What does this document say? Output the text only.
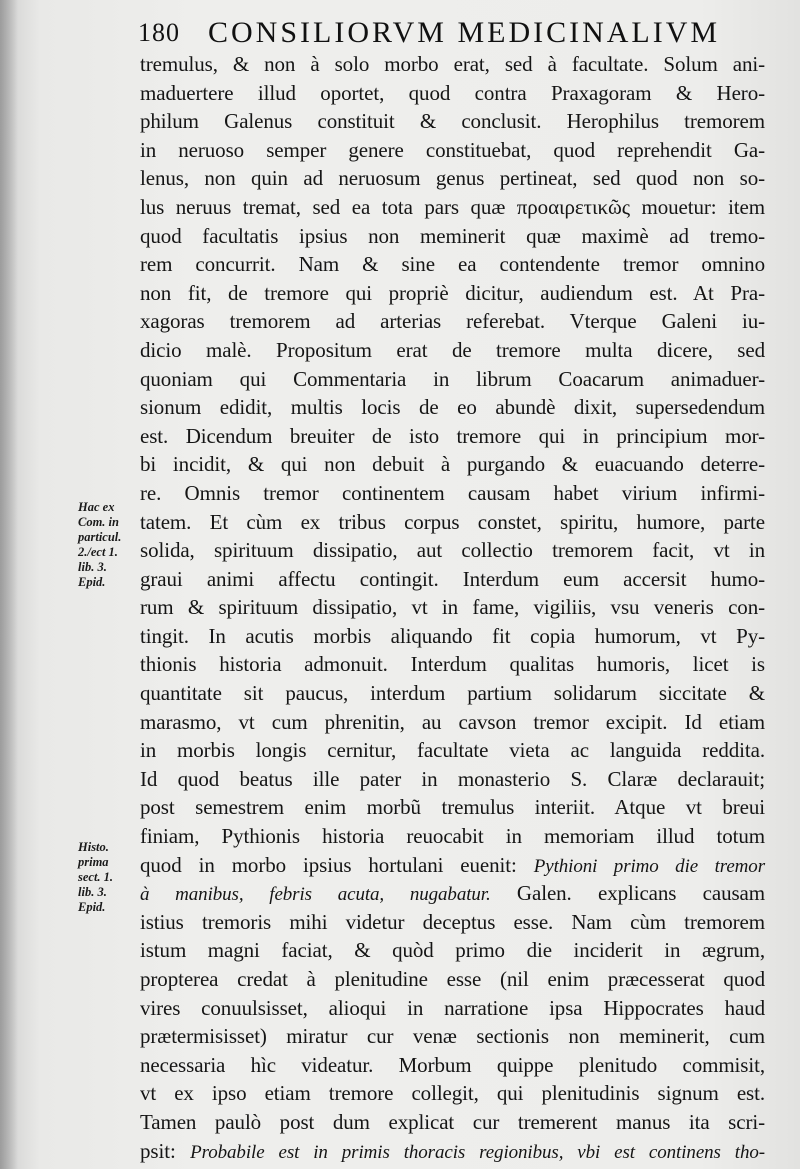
180 CONSILIORVM MEDICINALIVM
tremulus, & non à solo morbo erat, sed à facultate. Solum ani-
maduertere illud oportet, quod contra Praxagoram & Hero-
philum Galenus constituit & conclusit. Herophilus tremorem
in neruoso semper genere constituebat, quod reprehendit Ga-
lenus, non quin ad neruosum genus pertineat, sed quod non so-
lus neruus tremat, sed ea tota pars quæ προαιρετικῶς mouetur: item
quod facultatis ipsius non meminerit quæ maximè ad tremo-
rem concurrit. Nam & sine ea contendente tremor omnino
non fit, de tremore qui propriè dicitur, audiendum est. At Pra-
xagoras tremorem ad arterias referebat. Vterque Galeni iu-
dicio malè. Propositum erat de tremore multa dicere, sed
quoniam qui Commentaria in librum Coacarum animaduer-
sionum edidit, multis locis de eo abundè dixit, supersedendum
est. Dicendum breuiter de isto tremore qui in principium mor-
bi incidit, & qui non debuit à purgando & euacuando deterre-
re. Omnis tremor continentem causam habet virium infirmi-
tatem. Et cùm ex tribus corpus constet, spiritu, humore, parte
solida, spirituum dissipatio, aut collectio tremorem facit, vt in
graui animi affectu contingit. Interdum eum accersit humo-
rum & spirituum dissipatio, vt in fame, vigiliis, vsu veneris con-
tingit. In acutis morbis aliquando fit copia humorum, vt Py-
thionis historia admonuit. Interdum qualitas humoris, licet is
quantitate sit paucus, interdum partium solidarum siccitate &
marasmo, vt cum phrenitin, au cavson tremor excipit. Id etiam
in morbis longis cernitur, facultate vieta ac languida reddita.
Id quod beatus ille pater in monasterio S. Claræ declarauit;
post semestrem enim morbũ tremulus interiit. Atque vt breui
finiam, Pythionis historia reuocabit in memoriam illud totum
quod in morbo ipsius hortulani euenit: Pythioni primo die tremor
à manibus, febris acuta, nugabatur. Galen. explicans causam
istius tremoris mihi videtur deceptus esse. Nam cùm tremorem
istum magni faciat, & quòd primo die inciderit in ægrum,
propterea credat à plenitudine esse (nil enim præcesserat quod
vires conuulsisset, alioqui in narratione ipsa Hippocrates haud
prætermisisset) miratur cur venæ sectionis non meminerit, cum
necessaria hìc videatur. Morbum quippe plenitudo commisit,
vt ex ipso etiam tremore collegit, qui plenitudinis signum est.
Tamen paulò post dum explicat cur tremerent manus ita scri-
psit: Probabile est in primis thoracis regionibus, vbi est continens tho-
Hac ex
Com. in
particul.
2./ect 1.
lib. 3.
Epid.
Histo.
prima
sect. 1.
lib. 3.
Epid.
